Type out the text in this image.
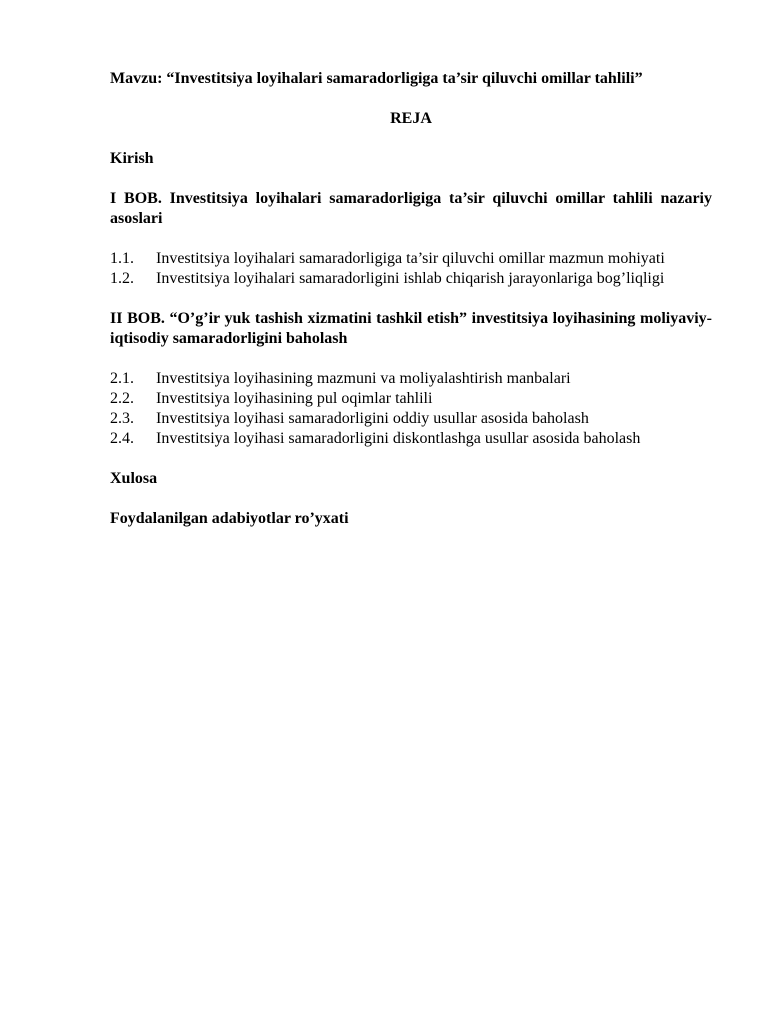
Mavzu: “Investitsiya loyihalari samaradorligiga ta’sir qiluvchi omillar tahlili”
REJA
Kirish
I BOB. Investitsiya loyihalari samaradorligiga ta’sir qiluvchi omillar tahlili nazariy asoslari
1.1.	Investitsiya loyihalari samaradorligiga ta’sir qiluvchi omillar mazmun mohiyati
1.2.	Investitsiya loyihalari samaradorligini ishlab chiqarish jarayonlariga bog’liqligi
II BOB. “O’g’ir yuk tashish xizmatini tashkil etish” investitsiya loyihasining moliyaviy-iqtisodiy samaradorligini baholash
2.1.	Investitsiya loyihasining mazmuni va moliyalashtirish manbalari
2.2.	Investitsiya loyihasining pul oqimlar tahlili
2.3.	Investitsiya loyihasi samaradorligini oddiy usullar asosida baholash
2.4.	Investitsiya loyihasi samaradorligini diskontlashga usullar asosida baholash
Xulosa
Foydalanilgan adabiyotlar ro’yxati
